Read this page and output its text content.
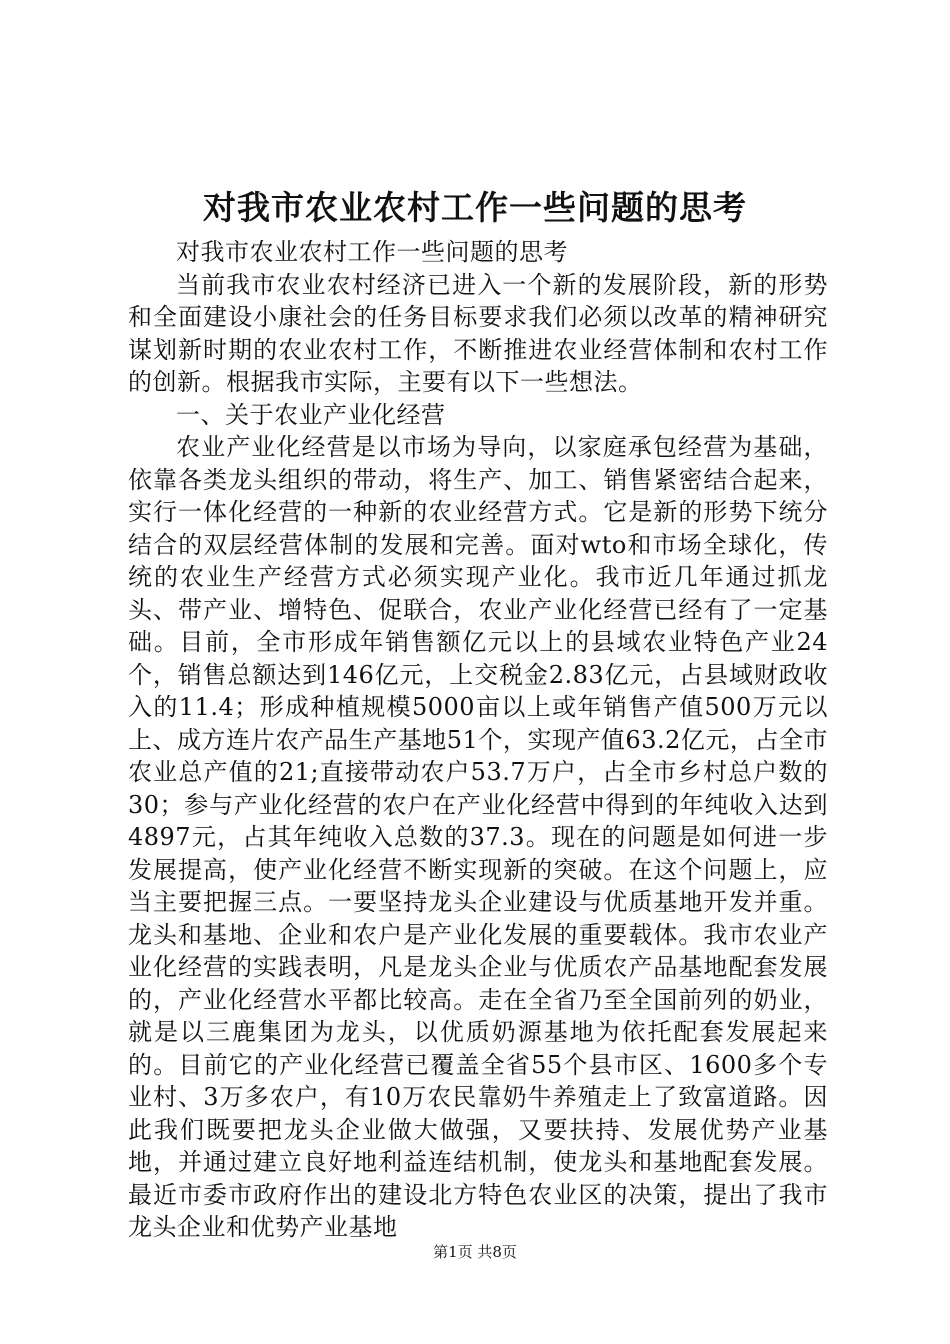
对我市农业农村工作一些问题的思考

对我市农业农村工作一些问题的思考

当前我市农业农村经济已进入一个新的发展阶段，新的形势和全面建设小康社会的任务目标要求我们必须以改革的精神研究谋划新时期的农业农村工作，不断推进农业经营体制和农村工作的创新。根据我市实际，主要有以下一些想法。

一、关于农业产业化经营

农业产业化经营是以市场为导向，以家庭承包经营为基础，依靠各类龙头组织的带动，将生产、加工、销售紧密结合起来，实行一体化经营的一种新的农业经营方式。它是新的形势下统分结合的双层经营体制的发展和完善。面对wto和市场全球化，传统的农业生产经营方式必须实现产业化。我市近几年通过抓龙头、带产业、增特色、促联合，农业产业化经营已经有了一定基础。目前，全市形成年销售额亿元以上的县域农业特色产业24个，销售总额达到146亿元，上交税金2.83亿元，占县域财政收入的11.4；形成种植规模5000亩以上或年销售产值500万元以上、成方连片农产品生产基地51个，实现产值63.2亿元，占全市农业总产值的21;直接带动农户53.7万户，占全市乡村总户数的30；参与产业化经营的农户在产业化经营中得到的年纯收入达到4897元，占其年纯收入总数的37.3。现在的问题是如何进一步发展提高，使产业化经营不断实现新的突破。在这个问题上，应当主要把握三点。一要坚持龙头企业建设与优质基地开发并重。龙头和基地、企业和农户是产业化发展的重要载体。我市农业产业化经营的实践表明，凡是龙头企业与优质农产品基地配套发展的，产业化经营水平都比较高。走在全省乃至全国前列的奶业，就是以三鹿集团为龙头，以优质奶源基地为依托配套发展起来的。目前它的产业化经营已覆盖全省55个县市区、1600多个专业村、3万多农户，有10万农民靠奶牛养殖走上了致富道路。因此我们既要把龙头企业做大做强，又要扶持、发展优势产业基地，并通过建立良好地利益连结机制，使龙头和基地配套发展。最近市委市政府作出的建设北方特色农业区的决策，提出了我市龙头企业和优势产业基地

第1页 共8页
